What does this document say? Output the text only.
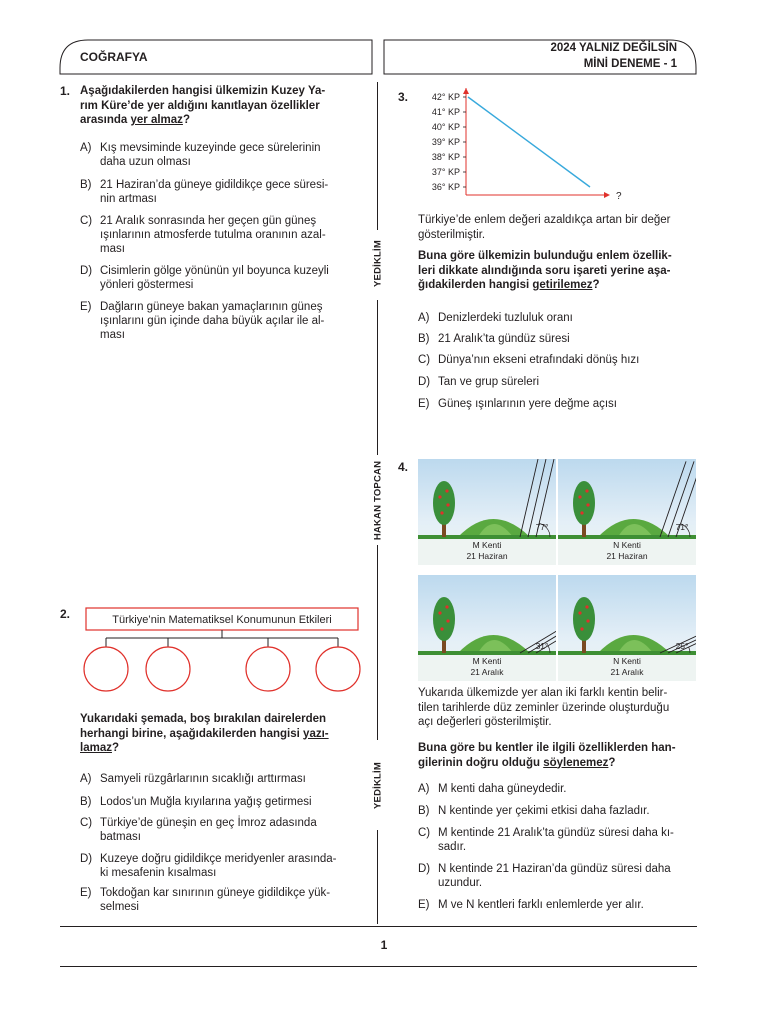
COĞRAFYA
2024 YALNIZ DEĞİLSİN
MİNİ DENEME - 1
YEDİKLİM
HAKAN TOPCAN
YEDİKLİM
1. Aşağıdakilerden hangisi ülkemizin Kuzey Ya-
rım Küre’de yer aldığını kanıtlayan özellikler
arasında yer almaz?
A) Kış mevsiminde kuzeyinde gece sürelerinin
daha uzun olması
B) 21 Haziran’da güneye gidildikçe gece süresi-
nin artması
C) 21 Aralık sonrasında her geçen gün güneş
ışınlarının atmosferde tutulma oranının azal-
ması
D) Cisimlerin gölge yönünün yıl boyunca kuzeyli
yönleri göstermesi
E) Dağların güneye bakan yamaçlarının güneş
ışınlarını gün içinde daha büyük açılar ile al-
ması
2.	Türkiye’nin Matematiksel Konumunun Etkileri
Yukarıdaki şemada, boş bırakılan dairelerden
herhangi birine, aşağıdakilerden hangisi yazı-
lamaz?
A) Samyeli rüzgârlarının sıcaklığı arttırması
B) Lodos’un Muğla kıyılarına yağış getirmesi
C) Türkiye’de güneşin en geç İmroz adasında
batması
D) Kuzeye doğru gidildikçe meridyenler arasında-
ki mesafenin kısalması
E) Tokdoğan kar sınırının güneye gidildikçe yük-
selmesi
3.	42° KP
41° KP
40° KP
39° KP
38° KP
37° KP
36° KP
?
Türkiye’de enlem değeri azaldıkça artan bir değer
gösterilmiştir.
Buna göre ülkemizin bulunduğu enlem özellik-
leri dikkate alındığında soru işareti yerine aşa-
ğıdakilerden hangisi getirilemez?
A) Denizlerdeki tuzluluk oranı
B) 21 Aralık’ta gündüz süresi
C) Dünya’nın ekseni etrafındaki dönüş hızı
D) Tan ve grup süreleri
E) Güneş ışınlarının yere değme açısı
4.
77°
M Kenti
21 Haziran
71°
N Kenti
21 Haziran
31°
M Kenti
21 Aralık
25°
N Kenti
21 Aralık
Yukarıda ülkemizde yer alan iki farklı kentin belir-
tilen tarihlerde düz zeminler üzerinde oluşturduğu
açı değerleri gösterilmiştir.
Buna göre bu kentler ile ilgili özelliklerden han-
gilerinin doğru olduğu söylenemez?
A) M kenti daha güneydedir.
B) N kentinde yer çekimi etkisi daha fazladır.
C) M kentinde 21 Aralık’ta gündüz süresi daha kı-
sadır.
D) N kentinde 21 Haziran’da gündüz süresi daha
uzundur.
E) M ve N kentleri farklı enlemlerde yer alır.
1
